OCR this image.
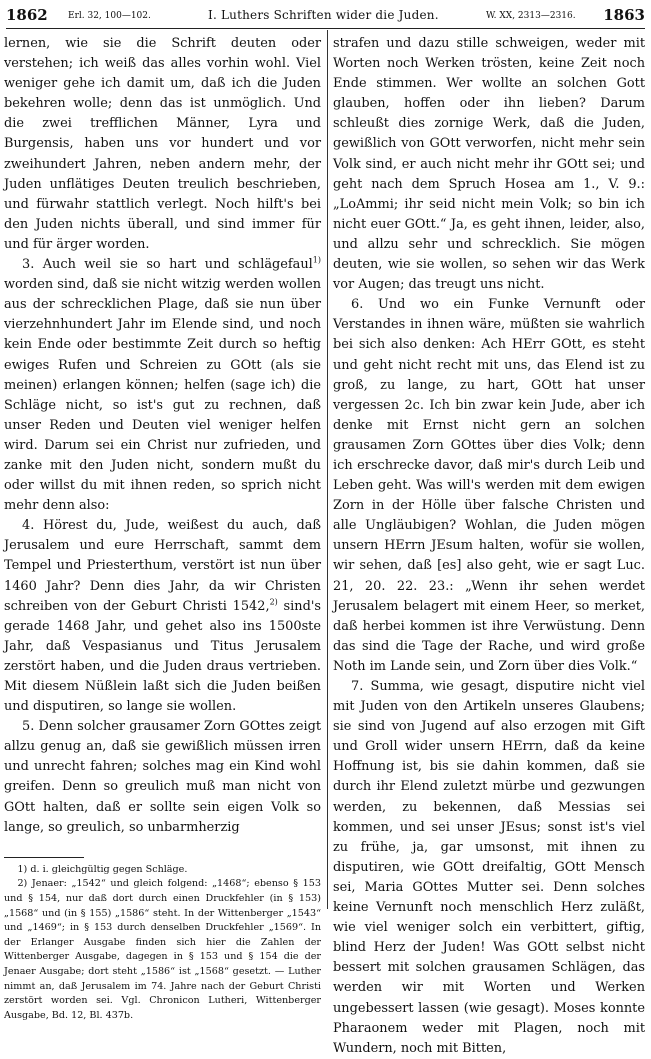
1862 Erl. 32, 100—102.	I. Luthers Schriften wider die Juden.	W. XX, 2313—2316. 1863

lernen, wie sie die Schrift deuten oder verstehen; ich weiß das alles vorhin wohl. Viel weniger gehe ich damit um, daß ich die Juden bekehren wolle; denn das ist unmöglich. Und die zwei trefflichen Männer, Lyra und Burgensis, haben uns vor hundert und vor zweihundert Jahren, neben andern mehr, der Juden unflätiges Deuten treulich beschrieben, und fürwahr stattlich verlegt. Noch hilft's bei den Juden nichts überall, und sind immer für und für ärger worden.

3. Auch weil sie so hart und schlägefaul$^{1)}$ worden sind, daß sie nicht witzig werden wollen aus der schrecklichen Plage, daß sie nun über vierzehnhundert Jahr im Elende sind, und noch kein Ende oder bestimmte Zeit durch so heftig ewiges Rufen und Schreien zu GOtt (als sie meinen) erlangen können; helfen (sage ich) die Schläge nicht, so ist's gut zu rechnen, daß unser Reden und Deuten viel weniger helfen wird. Darum sei ein Christ nur zufrieden, und zanke mit den Juden nicht, sondern mußt du oder willst du mit ihnen reden, so sprich nicht mehr denn also:

4. Hörest du, Jude, weißest du auch, daß Jerusalem und eure Herrschaft, sammt dem Tempel und Priesterthum, verstört ist nun über 1460 Jahr? Denn dies Jahr, da wir Christen schreiben von der Geburt Christi 1542,$^{2)}$ sind's gerade 1468 Jahr, und gehet also ins 1500ste Jahr, daß Vespasianus und Titus Jerusalem zerstört haben, und die Juden draus vertrieben. Mit diesem Nüßlein laßt sich die Juden beißen und disputiren, so lange sie wollen.

5. Denn solcher grausamer Zorn GOttes zeigt allzu genug an, daß sie gewißlich müssen irren und unrecht fahren; solches mag ein Kind wohl greifen. Denn so greulich muß man nicht von GOtt halten, daß er sollte sein eigen Volk so lange, so greulich, so unbarmherzig

1) d. i. gleichgültig gegen Schläge.

2) Jenaer: „1542“ und gleich folgend: „1468“; ebenso § 153 und § 154, nur daß dort durch einen Druckfehler (in § 153) „1568“ und (in § 155) „1586“ steht. In der Wittenberger „1543“ und „1469“; in § 153 durch denselben Druckfehler „1569“. In der Erlanger Ausgabe finden sich hier die Zahlen der Wittenberger Ausgabe, dagegen in § 153 und § 154 die der Jenaer Ausgabe; dort steht „1586“ ist „1568“ gesetzt. — Luther nimmt an, daß Jerusalem im 74. Jahre nach der Geburt Christi zerstört worden sei. Vgl. Chronicon Lutheri, Wittenberger Ausgabe, Bd. 12, Bl. 437b.

strafen und dazu stille schweigen, weder mit Worten noch Werken trösten, keine Zeit noch Ende stimmen. Wer wollte an solchen Gott glauben, hoffen oder ihn lieben? Darum schleußt dies zornige Werk, daß die Juden, gewißlich von GOtt verworfen, nicht mehr sein Volk sind, er auch nicht mehr ihr GOtt sei; und geht nach dem Spruch Hosea am 1., V. 9.: „LoAmmi; ihr seid nicht mein Volk; so bin ich nicht euer GOtt.“ Ja, es geht ihnen, leider, also, und allzu sehr und schrecklich. Sie mögen deuten, wie sie wollen, so sehen wir das Werk vor Augen; das treugt uns nicht.

6. Und wo ein Funke Vernunft oder Verstandes in ihnen wäre, müßten sie wahrlich bei sich also denken: Ach HErr GOtt, es steht und geht nicht recht mit uns, das Elend ist zu groß, zu lange, zu hart, GOtt hat unser vergessen 2c. Ich bin zwar kein Jude, aber ich denke mit Ernst nicht gern an solchen grausamen Zorn GOttes über dies Volk; denn ich erschrecke davor, daß mir's durch Leib und Leben geht. Was will's werden mit dem ewigen Zorn in der Hölle über falsche Christen und alle Ungläubigen? Wohlan, die Juden mögen unsern HErrn JEsum halten, wofür sie wollen, wir sehen, daß [es] also geht, wie er sagt Luc. 21, 20. 22. 23.: „Wenn ihr sehen werdet Jerusalem belagert mit einem Heer, so merket, daß herbei kommen ist ihre Verwüstung. Denn das sind die Tage der Rache, und wird große Noth im Lande sein, und Zorn über dies Volk.“

7. Summa, wie gesagt, disputire nicht viel mit Juden von den Artikeln unseres Glaubens; sie sind von Jugend auf also erzogen mit Gift und Groll wider unsern HErrn, daß da keine Hoffnung ist, bis sie dahin kommen, daß sie durch ihr Elend zuletzt mürbe und gezwungen werden, zu bekennen, daß Messias sei kommen, und sei unser JEsus; sonst ist's viel zu frühe, ja, gar umsonst, mit ihnen zu disputiren, wie GOtt dreifaltig, GOtt Mensch sei, Maria GOttes Mutter sei. Denn solches keine Vernunft noch menschlich Herz zuläßt, wie viel weniger solch ein verbittert, giftig, blind Herz der Juden! Was GOtt selbst nicht bessert mit solchen grausamen Schlägen, das werden wir mit Worten und Werken ungebessert lassen (wie gesagt). Moses konnte Pharaonem weder mit Plagen, noch mit Wundern, noch mit Bitten,
